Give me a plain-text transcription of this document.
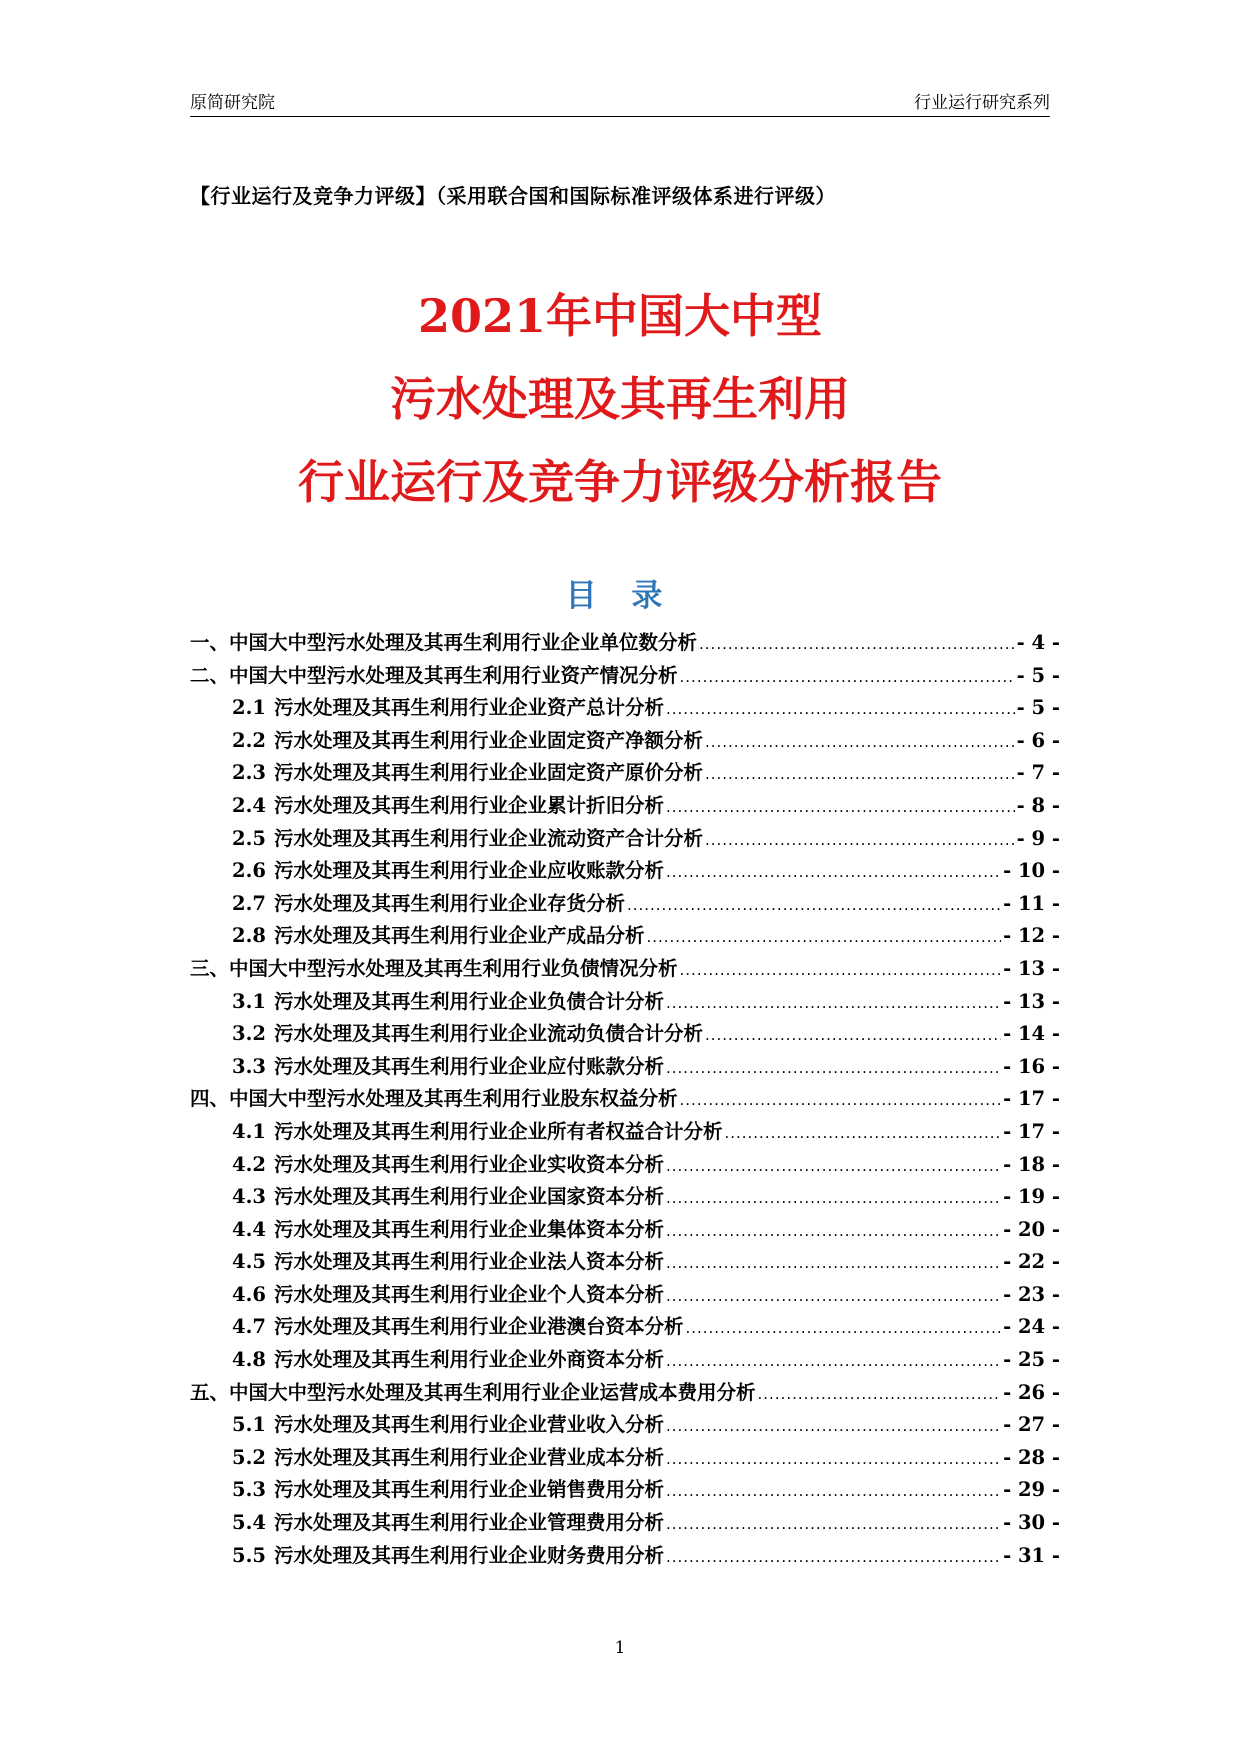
原简研究院	行业运行研究系列
【行业运行及竞争力评级】（采用联合国和国际标准评级体系进行评级）
2021年中国大中型
污水处理及其再生利用
行业运行及竞争力评级分析报告
目 录
一、中国大中型污水处理及其再生利用行业企业单位数分析 .....	- 4 -
二、中国大中型污水处理及其再生利用行业资产情况分析 .....	- 5 -
2.1 污水处理及其再生利用行业企业资产总计分析 .....	- 5 -
2.2 污水处理及其再生利用行业企业固定资产净额分析 .....	- 6 -
2.3 污水处理及其再生利用行业企业固定资产原价分析 .....	- 7 -
2.4 污水处理及其再生利用行业企业累计折旧分析 .....	- 8 -
2.5 污水处理及其再生利用行业企业流动资产合计分析 .....	- 9 -
2.6 污水处理及其再生利用行业企业应收账款分析 .....	- 10 -
2.7 污水处理及其再生利用行业企业存货分析 .....	- 11 -
2.8 污水处理及其再生利用行业企业产成品分析 .....	- 12 -
三、中国大中型污水处理及其再生利用行业负债情况分析 .....	- 13 -
3.1 污水处理及其再生利用行业企业负债合计分析 .....	- 13 -
3.2 污水处理及其再生利用行业企业流动负债合计分析 .....	- 14 -
3.3 污水处理及其再生利用行业企业应付账款分析 .....	- 16 -
四、中国大中型污水处理及其再生利用行业股东权益分析 .....	- 17 -
4.1 污水处理及其再生利用行业企业所有者权益合计分析 .....	- 17 -
4.2 污水处理及其再生利用行业企业实收资本分析 .....	- 18 -
4.3 污水处理及其再生利用行业企业国家资本分析 .....	- 19 -
4.4 污水处理及其再生利用行业企业集体资本分析 .....	- 20 -
4.5 污水处理及其再生利用行业企业法人资本分析 .....	- 22 -
4.6 污水处理及其再生利用行业企业个人资本分析 .....	- 23 -
4.7 污水处理及其再生利用行业企业港澳台资本分析 .....	- 24 -
4.8 污水处理及其再生利用行业企业外商资本分析 .....	- 25 -
五、中国大中型污水处理及其再生利用行业企业运营成本费用分析 .....	- 26 -
5.1 污水处理及其再生利用行业企业营业收入分析 .....	- 27 -
5.2 污水处理及其再生利用行业企业营业成本分析 .....	- 28 -
5.3 污水处理及其再生利用行业企业销售费用分析 .....	- 29 -
5.4 污水处理及其再生利用行业企业管理费用分析 .....	- 30 -
5.5 污水处理及其再生利用行业企业财务费用分析 .....	- 31 -
1
